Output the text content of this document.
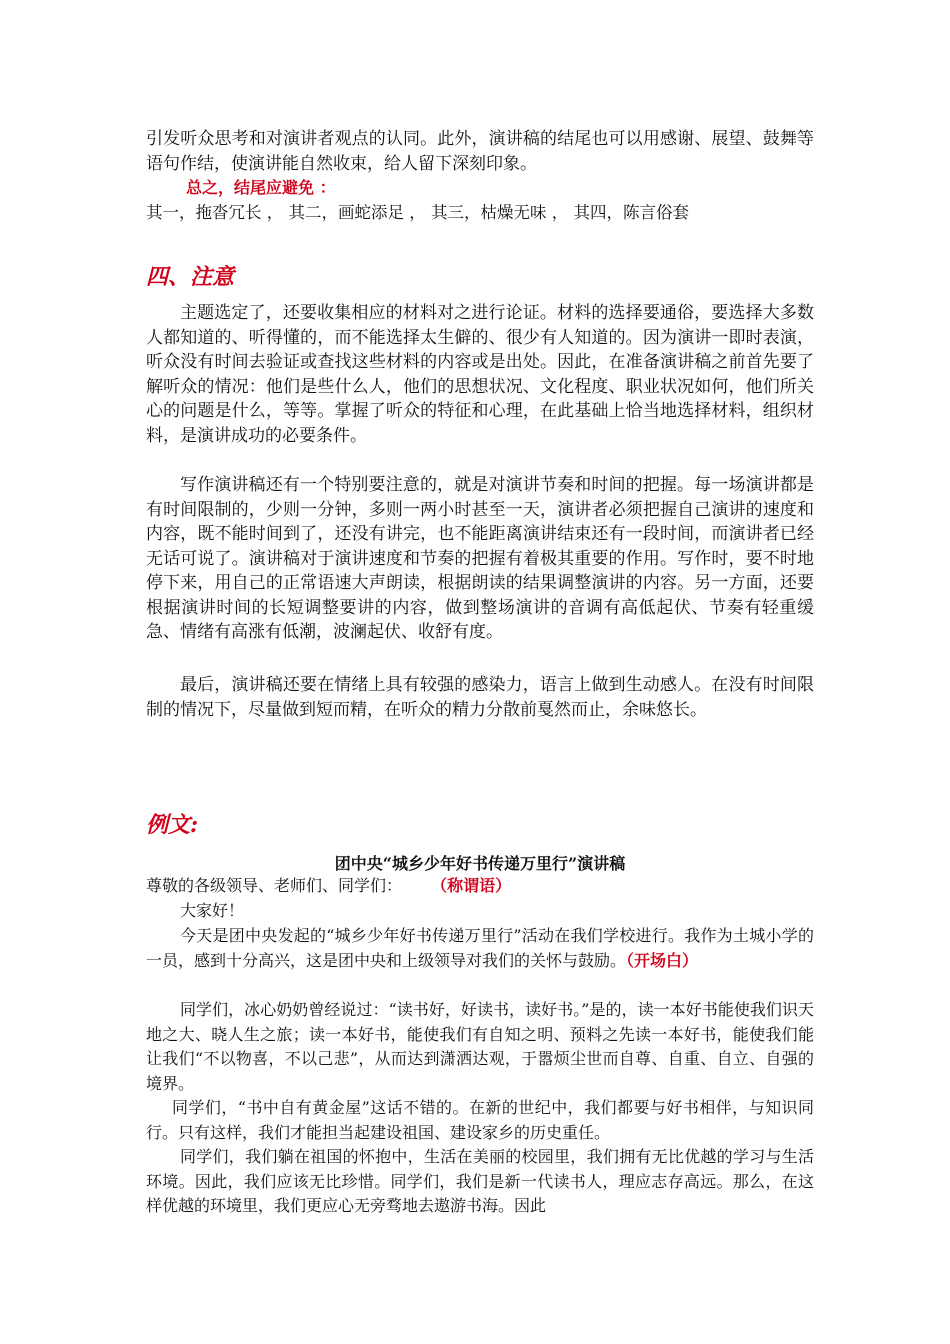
引发听众思考和对演讲者观点的认同。此外，演讲稿的结尾也可以用感谢、展望、鼓舞等语句作结，使演讲能自然收束，给人留下深刻印象。
总之，结尾应避免 ：
其一，拖沓冗长 ， 其二，画蛇添足 ， 其三，枯燥无味 ， 其四，陈言俗套
四、注意
主题选定了，还要收集相应的材料对之进行论证。材料的选择要通俗，要选择大多数人都知道的、听得懂的，而不能选择太生僻的、很少有人知道的。因为演讲一即时表演，听众没有时间去验证或查找这些材料的内容或是出处。因此，在准备演讲稿之前首先要了解听众的情况：他们是些什么人，他们的思想状况、文化程度、职业状况如何，他们所关心的问题是什么，等等。掌握了听众的特征和心理，在此基础上恰当地选择材料，组织材料，是演讲成功的必要条件。
写作演讲稿还有一个特别要注意的，就是对演讲节奏和时间的把握。每一场演讲都是有时间限制的，少则一分钟，多则一两小时甚至一天，演讲者必须把握自己演讲的速度和内容，既不能时间到了，还没有讲完，也不能距离演讲结束还有一段时间，而演讲者已经无话可说了。演讲稿对于演讲速度和节奏的把握有着极其重要的作用。写作时，要不时地停下来，用自己的正常语速大声朗读，根据朗读的结果调整演讲的内容。另一方面，还要根据演讲时间的长短调整要讲的内容，做到整场演讲的音调有高低起伏、节奏有轻重缓急、情绪有高涨有低潮，波澜起伏、收舒有度。
最后，演讲稿还要在情绪上具有较强的感染力，语言上做到生动感人。在没有时间限制的情况下，尽量做到短而精，在听众的精力分散前戛然而止，余味悠长。
例文:
团中央“城乡少年好书传递万里行”演讲稿
尊敬的各级领导、老师们、同学们： （称谓语）
大家好！
今天是团中央发起的“城乡少年好书传递万里行”活动在我们学校进行。我作为土城小学的一员，感到十分高兴，这是团中央和上级领导对我们的关怀与鼓励。（开场白）
同学们，冰心奶奶曾经说过：“读书好，好读书，读好书。”是的，读一本好书能使我们识天地之大、晓人生之旅；读一本好书，能使我们有自知之明、预料之先读一本好书，能使我们能让我们“不以物喜，不以己悲”，从而达到潇洒达观，于嚣烦尘世而自尊、自重、自立、自强的境界。
同学们，“书中自有黄金屋”这话不错的。在新的世纪中，我们都要与好书相伴，与知识同行。只有这样，我们才能担当起建设祖国、建设家乡的历史重任。
同学们，我们躺在祖国的怀抱中，生活在美丽的校园里，我们拥有无比优越的学习与生活环境。因此，我们应该无比珍惜。同学们，我们是新一代读书人，理应志存高远。那么，在这样优越的环境里，我们更应心无旁骛地去遨游书海。因此
